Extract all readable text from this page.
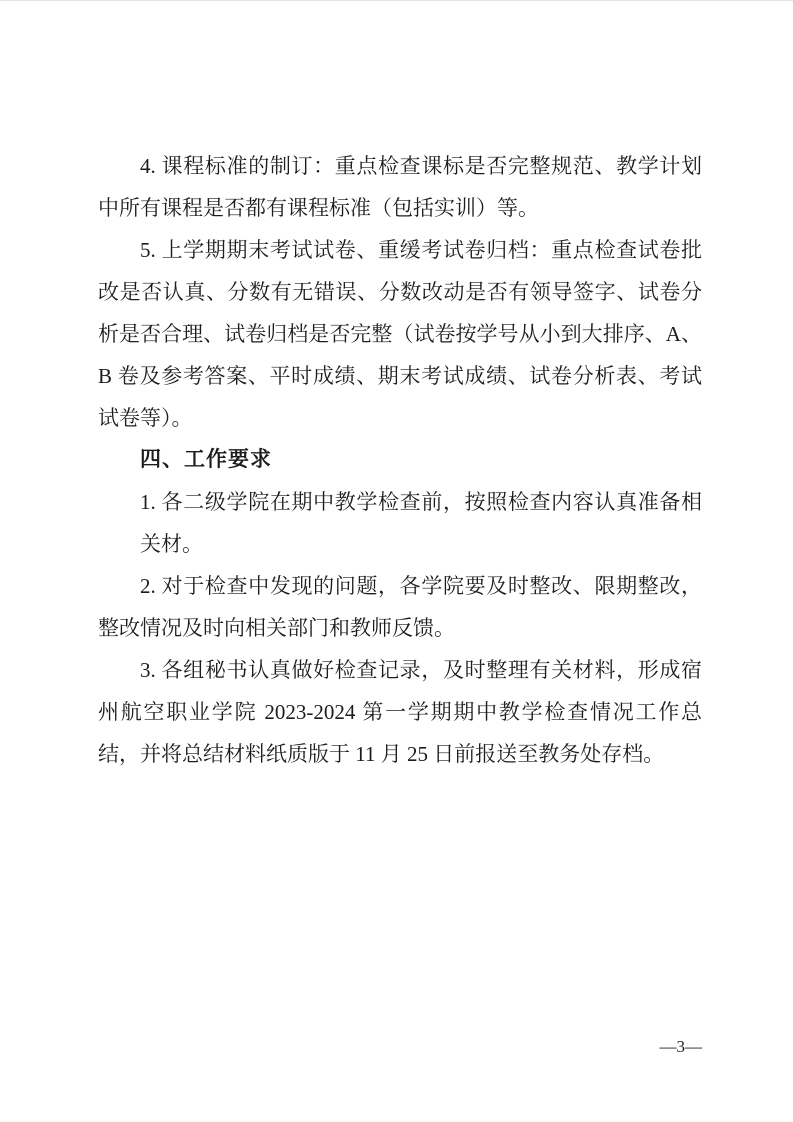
4. 课程标准的制订：重点检查课标是否完整规范、教学计划
中所有课程是否都有课程标准（包括实训）等。
5. 上学期期末考试试卷、重缓考试卷归档：重点检查试卷批
改是否认真、分数有无错误、分数改动是否有领导签字、试卷分
析是否合理、试卷归档是否完整（试卷按学号从小到大排序、A、
B 卷及参考答案、平时成绩、期末考试成绩、试卷分析表、考试
试卷等）。
四、工作要求
1. 各二级学院在期中教学检查前，按照检查内容认真准备相
关材。
2. 对于检查中发现的问题，各学院要及时整改、限期整改，
整改情况及时向相关部门和教师反馈。
3. 各组秘书认真做好检查记录，及时整理有关材料，形成宿
州航空职业学院 2023-2024 第一学期期中教学检查情况工作总
结，并将总结材料纸质版于 11 月 25 日前报送至教务处存档。
—3—
